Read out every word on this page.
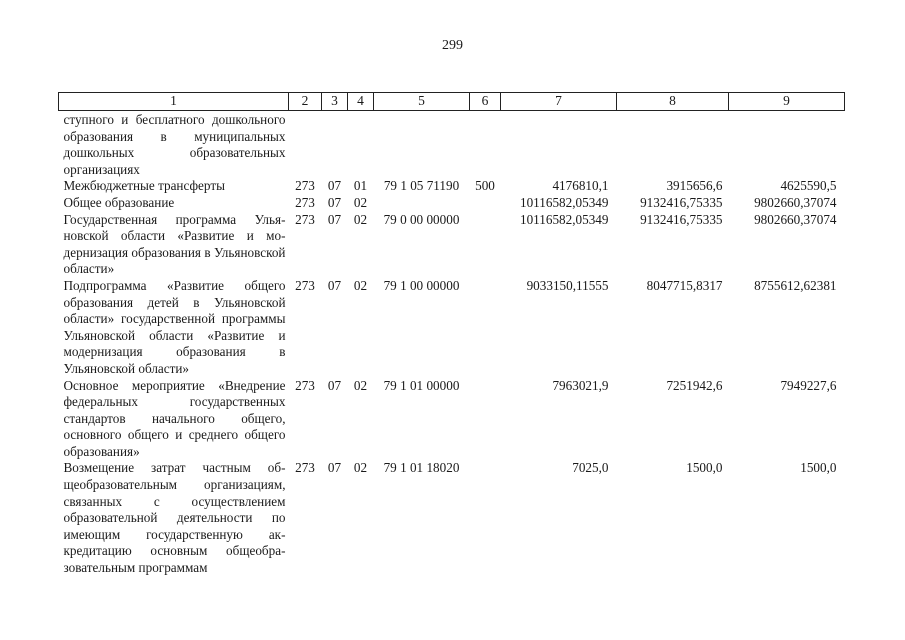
299
1	2	3	4	5	6	7	8	9
ступного и бесплатного дошкольного образования в муниципальных дошкольных образовательных организациях								
Межбюджетные трансферты	273	07	01	79 1 05 71190	500	4176810,1	3915656,6	4625590,5
Общее образование	273	07	02			10116582,05349	9132416,75335	9802660,37074
Государственная программа Ульяновской области «Развитие и модернизация образования в Ульяновской области»	273	07	02	79 0 00 00000		10116582,05349	9132416,75335	9802660,37074
Подпрограмма «Развитие общего образования детей в Ульяновской области» государственной программы Ульяновской области «Развитие и модернизация образования в Ульяновской области»	273	07	02	79 1 00 00000		9033150,11555	8047715,8317	8755612,62381
Основное мероприятие «Внедрение федеральных государственных стандартов начального общего, основного общего и среднего общего образования»	273	07	02	79 1 01 00000		7963021,9	7251942,6	7949227,6
Возмещение затрат частным общеобразовательным организациям, связанных с осуществлением образовательной деятельности по имеющим государственную аккредитацию основным общеобразовательным программам	273	07	02	79 1 01 18020		7025,0	1500,0	1500,0
